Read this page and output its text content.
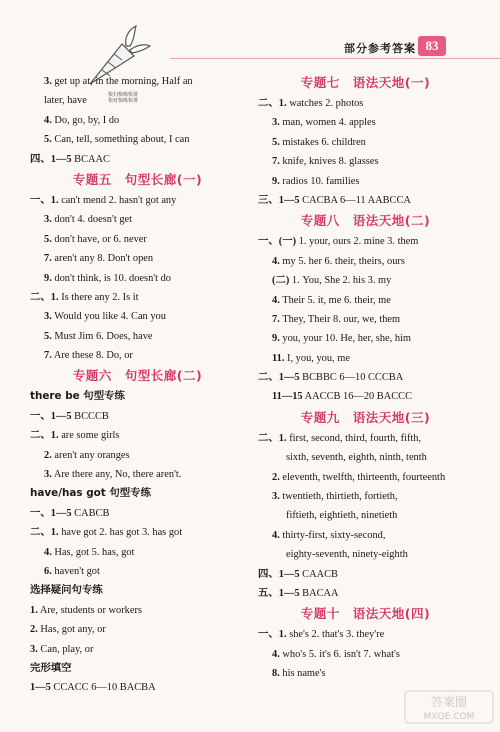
部分参考答案 83
快扫快练快讲
快对快练快讲
3. get up at, in the morning, Half an
later, have
4. Do, go, by, I do
5. Can, tell, something about, I can
四、1—5 BCAAC
专题五　句型长廊(一)
一、1. can't mend 2. hasn't got any
3. don't 4. doesn't get
5. don't have, or 6. never
7. aren't any 8. Don't open
9. don't think, is 10. doesn't do
二、1. Is there any 2. Is it
3. Would you like 4. Can you
5. Must Jim 6. Does, have
7. Are these 8. Do, or
专题六　句型长廊(二)
there be 句型专练
一、1—5 BCCCB
二、1. are some girls
2. aren't any oranges
3. Are there any, No, there aren't.
have/has got 句型专练
一、1—5 CABCB
二、1. have got 2. has got 3. has got
4. Has, got 5. has, got
6. haven't got
选择疑问句专练
1. Are, students or workers
2. Has, got any, or
3. Can, play, or
完形填空
1—5 CCACC 6—10 BACBA
专题七　语法天地(一)
二、1. watches 2. photos
3. man, women 4. apples
5. mistakes 6. children
7. knife, knives 8. glasses
9. radios 10. families
三、1—5 CACBA 6—11 AABCCA
专题八　语法天地(二)
一、(一) 1. your, ours 2. mine 3. them
4. my 5. her 6. their, theirs, ours
(二) 1. You, She 2. his 3. my
4. Their 5. it, me 6. their, me
7. They, Their 8. our, we, them
9. you, your 10. He, her, she, him
11. I, you, you, me
二、1—5 BCBBC 6—10 CCCBA
11—15 AACCB 16—20 BACCC
专题九　语法天地(三)
二、1. first, second, third, fourth, fifth,
sixth, seventh, eighth, ninth, tenth
2. eleventh, twelfth, thirteenth, fourteenth
3. twentieth, thirtieth, fortieth,
fiftieth, eightieth, ninetieth
4. thirty-first, sixty-second,
eighty-seventh, ninety-eighth
四、1—5 CAACB
五、1—5 BACAA
专题十　语法天地(四)
一、1. she's 2. that's 3. they're
4. who's 5. it's 6. isn't 7. what's
8. his name's
答案圈
MXQE.COM
